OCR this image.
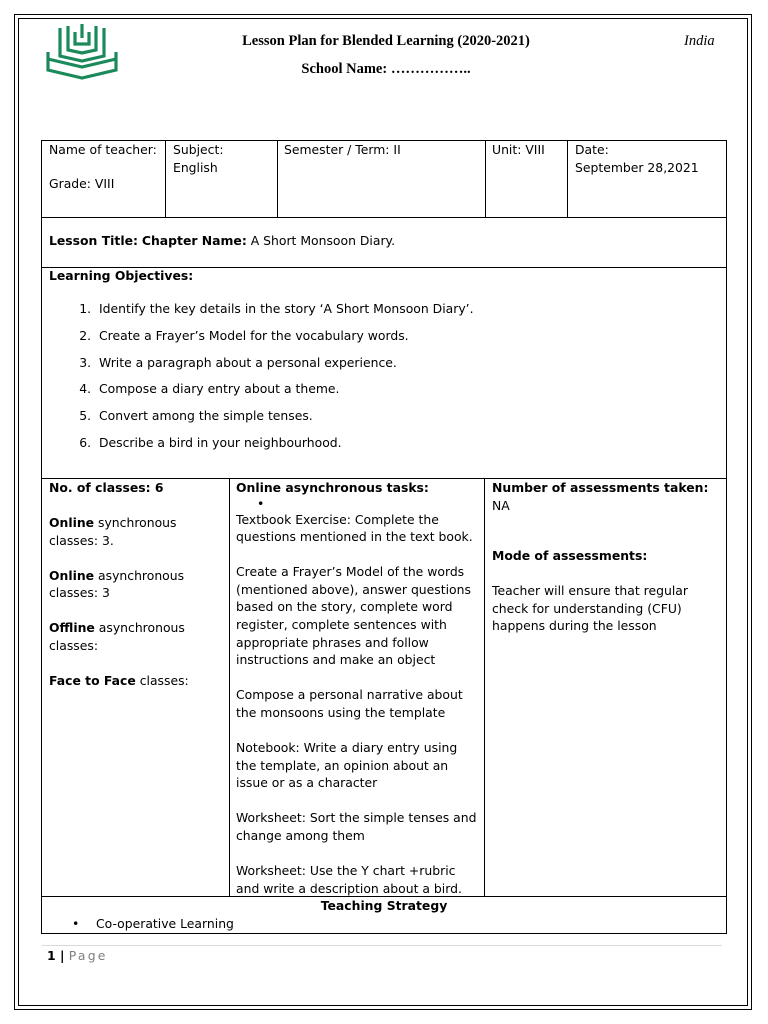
Lesson Plan for Blended Learning (2020-2021)
School Name: ……………..
India
Name of teacher:
Grade: VIII
Subject:
English
Semester / Term: II	Unit: VIII Date:
September 28,2021
Lesson Title: Chapter Name: A Short Monsoon Diary.
Learning Objectives:
1. Identify the key details in the story ‘A Short Monsoon Diary’.
2. Create a Frayer’s Model for the vocabulary words.
3. Write a paragraph about a personal experience.
4. Compose a diary entry about a theme.
5. Convert among the simple tenses.
6. Describe a bird in your neighbourhood.
No. of classes: 6
Online synchronous classes: 3.
Online asynchronous classes: 3
Offline asynchronous classes:
Face to Face classes:
Online asynchronous tasks:
•
Textbook Exercise: Complete the questions mentioned in the text book.
Create a Frayer’s Model of the words (mentioned above), answer questions based on the story, complete word register, complete sentences with appropriate phrases and follow instructions and make an object
Compose a personal narrative about the monsoons using the template
Notebook: Write a diary entry using the template, an opinion about an issue or as a character
Worksheet: Sort the simple tenses and change among them
Worksheet: Use the Y chart +rubric and write a description about a bird.
Number of assessments taken: NA
Mode of assessments:
Teacher will ensure that regular check for understanding (CFU) happens during the lesson
Teaching Strategy
• Co-operative Learning
1 | Page
